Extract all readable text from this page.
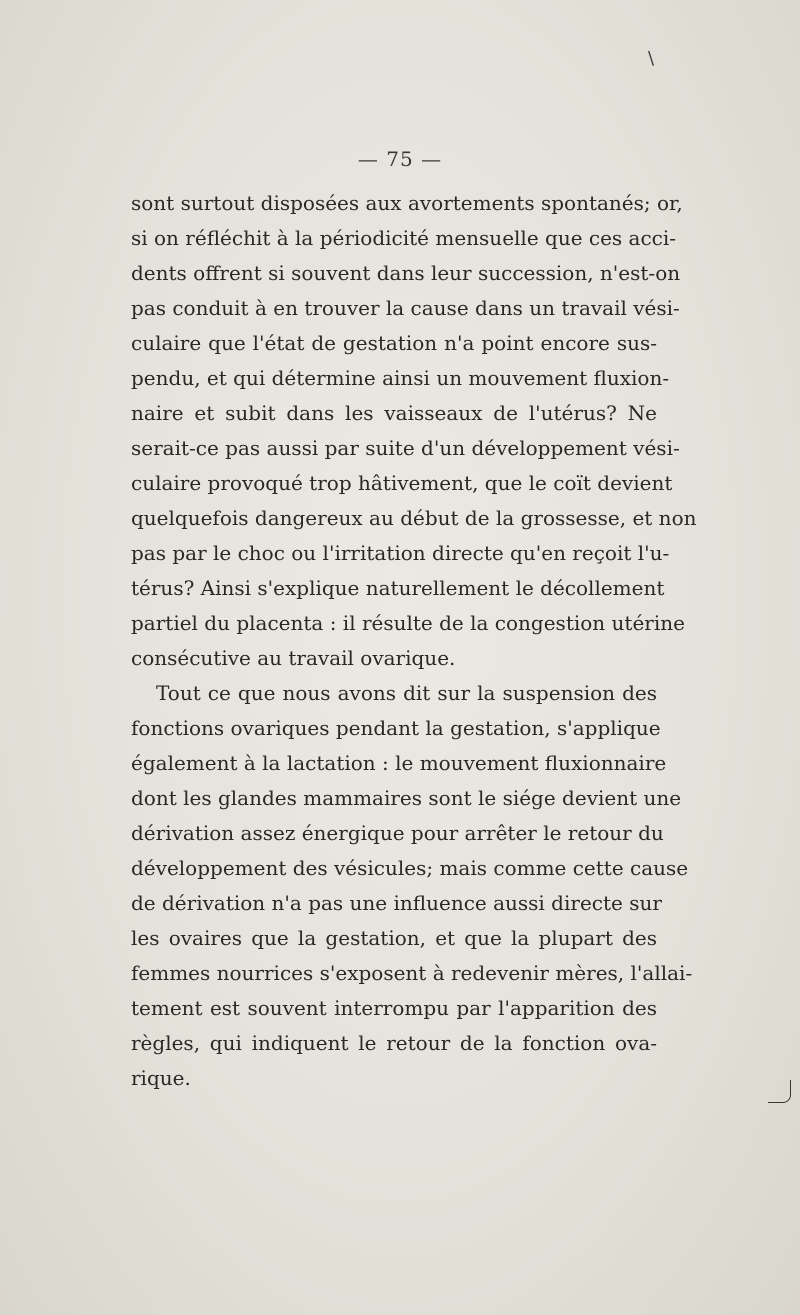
\
— 75 —
sont surtout disposées aux avortements spontanés; or,
si on réfléchit à la périodicité mensuelle que ces acci-
dents offrent si souvent dans leur succession, n'est-on
pas conduit à en trouver la cause dans un travail vési-
culaire que l'état de gestation n'a point encore sus-
pendu, et qui détermine ainsi un mouvement fluxion-
naire et subit dans les vaisseaux de l'utérus? Ne
serait-ce pas aussi par suite d'un développement vési-
culaire provoqué trop hâtivement, que le coït devient
quelquefois dangereux au début de la grossesse, et non
pas par le choc ou l'irritation directe qu'en reçoit l'u-
térus? Ainsi s'explique naturellement le décollement
partiel du placenta : il résulte de la congestion utérine
consécutive au travail ovarique.
Tout ce que nous avons dit sur la suspension des
fonctions ovariques pendant la gestation, s'applique
également à la lactation : le mouvement fluxionnaire
dont les glandes mammaires sont le siége devient une
dérivation assez énergique pour arrêter le retour du
développement des vésicules; mais comme cette cause
de dérivation n'a pas une influence aussi directe sur
les ovaires que la gestation, et que la plupart des
femmes nourrices s'exposent à redevenir mères, l'allai-
tement est souvent interrompu par l'apparition des
règles, qui indiquent le retour de la fonction ova-
rique.
